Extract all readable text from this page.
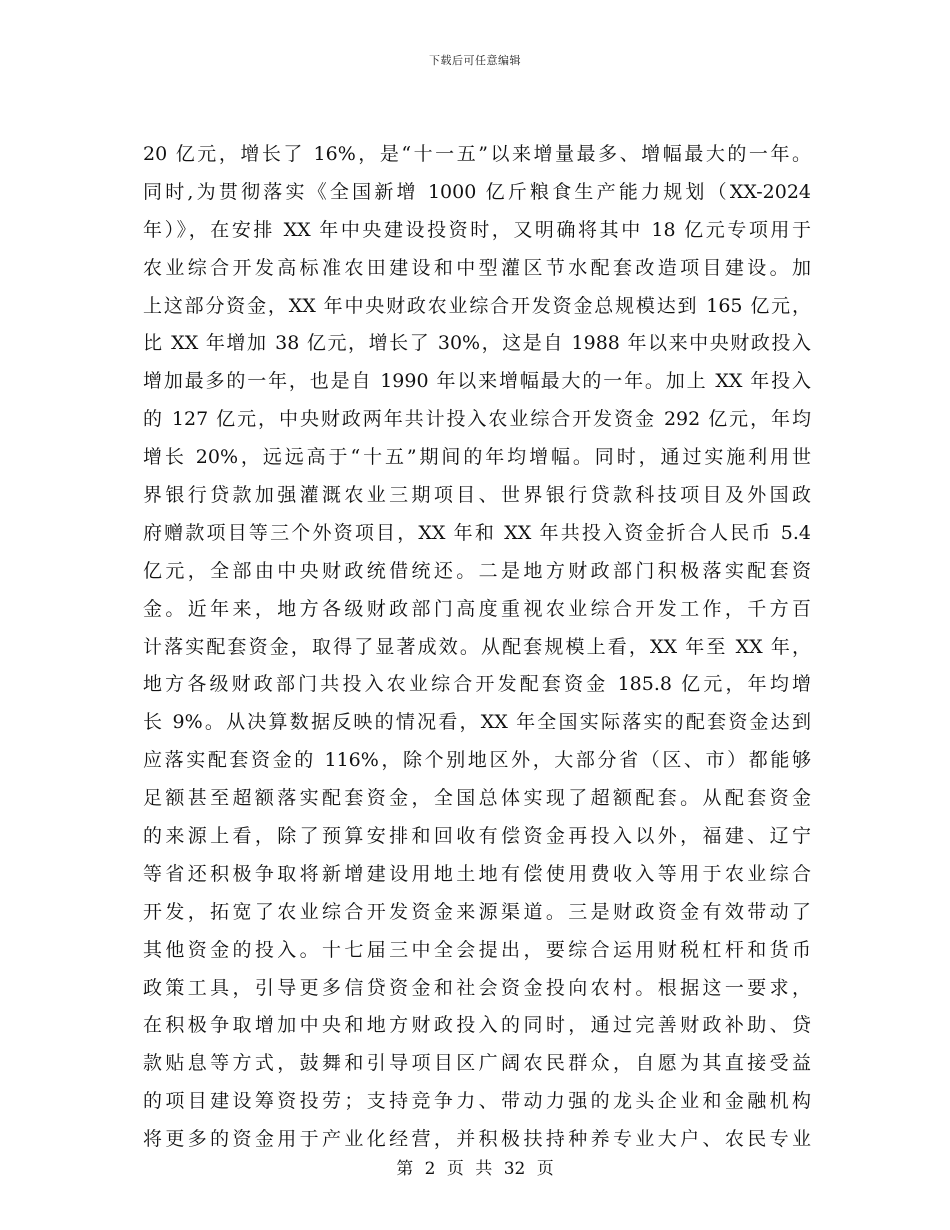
下载后可任意编辑
20 亿元，增长了 16%，是“十一五”以来增量最多、增幅最大的一年。
同时,为贯彻落实《全国新增 1000 亿斤粮食生产能力规划（XX-2024
年）》，在安排 XX 年中央建设投资时，又明确将其中 18 亿元专项用于
农业综合开发高标准农田建设和中型灌区节水配套改造项目建设。加
上这部分资金，XX 年中央财政农业综合开发资金总规模达到 165 亿元，
比 XX 年增加 38 亿元，增长了 30%，这是自 1988 年以来中央财政投入
增加最多的一年，也是自 1990 年以来增幅最大的一年。加上 XX 年投入
的 127 亿元，中央财政两年共计投入农业综合开发资金 292 亿元，年均
增长 20%，远远高于“十五”期间的年均增幅。同时，通过实施利用世
界银行贷款加强灌溉农业三期项目、世界银行贷款科技项目及外国政
府赠款项目等三个外资项目，XX 年和 XX 年共投入资金折合人民币 5.4
亿元，全部由中央财政统借统还。二是地方财政部门积极落实配套资
金。近年来，地方各级财政部门高度重视农业综合开发工作，千方百
计落实配套资金，取得了显著成效。从配套规模上看，XX 年至 XX 年，
地方各级财政部门共投入农业综合开发配套资金 185.8 亿元，年均增
长 9%。从决算数据反映的情况看，XX 年全国实际落实的配套资金达到
应落实配套资金的 116%，除个别地区外，大部分省（区、市）都能够
足额甚至超额落实配套资金，全国总体实现了超额配套。从配套资金
的来源上看，除了预算安排和回收有偿资金再投入以外，福建、辽宁
等省还积极争取将新增建设用地土地有偿使用费收入等用于农业综合
开发，拓宽了农业综合开发资金来源渠道。三是财政资金有效带动了
其他资金的投入。十七届三中全会提出，要综合运用财税杠杆和货币
政策工具，引导更多信贷资金和社会资金投向农村。根据这一要求，
在积极争取增加中央和地方财政投入的同时，通过完善财政补助、贷
款贴息等方式，鼓舞和引导项目区广阔农民群众，自愿为其直接受益
的项目建设筹资投劳；支持竞争力、带动力强的龙头企业和金融机构
将更多的资金用于产业化经营，并积极扶持种养专业大户、农民专业
第 2 页 共 32 页
